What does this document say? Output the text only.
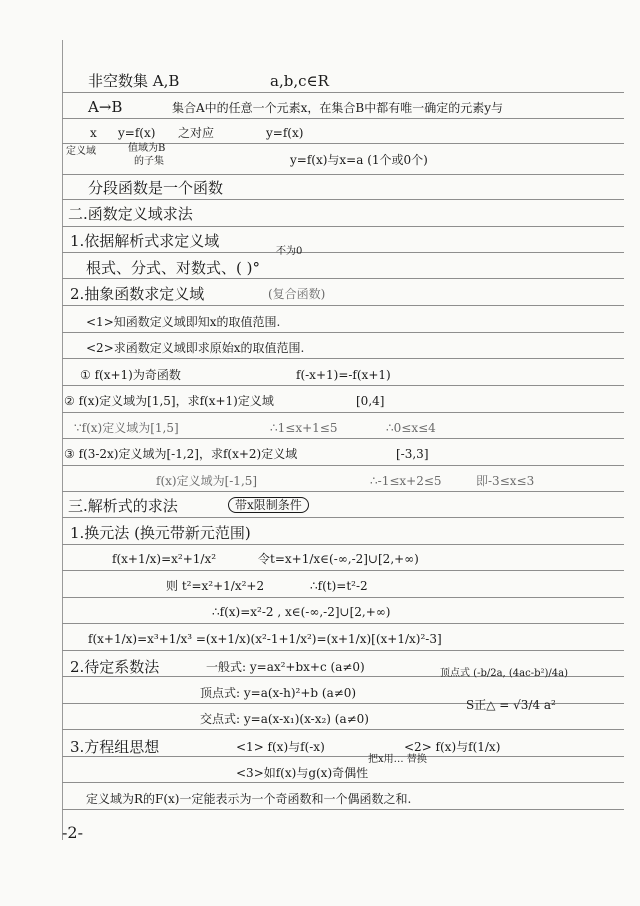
非空数集 A,B	a,b,c∈R
A→B	集合A中的任意一个元素x，在集合B中都有唯一确定的元素y与
x y=f(x) 之对应	y=f(x)
定义域	值域为B
的子集	y=f(x)与x=a (1个或0个)
分段函数是一个函数
二.函数定义域求法
1.依据解析式求定义域
不为0
根式、分式、对数式、( )°
2.抽象函数求定义域	(复合函数)
<1>知函数定义域即知x的取值范围.
<2>求函数定义域即求原始x的取值范围.
① f(x+1)为奇函数	f(-x+1)=-f(x+1)
② f(x)定义域为[1,5]，求f(x+1)定义域	[0,4]
∵f(x)定义域为[1,5]	∴1≤x+1≤5	∴0≤x≤4
③ f(3-2x)定义域为[-1,2]，求f(x+2)定义域	[-3,3]
f(x)定义域为[-1,5]	∴-1≤x+2≤5	即-3≤x≤3
三.解析式的求法	带x限制条件
1.换元法 (换元带新元范围)
f(x+1/x)=x²+1/x²	令t=x+1/x∈(-∞,-2]∪[2,+∞)
则 t²=x²+1/x²+2	∴f(t)=t²-2
∴f(x)=x²-2 , x∈(-∞,-2]∪[2,+∞)
f(x+1/x)=x³+1/x³ =(x+1/x)(x²-1+1/x²)=(x+1/x)[(x+1/x)²-3]
2.待定系数法	一般式: y=ax²+bx+c (a≠0)	顶点式 (-b/2a, (4ac-b²)/4a)
顶点式: y=a(x-h)²+b (a≠0)
S正△ = √3/4 a²
交点式: y=a(x-x₁)(x-x₂) (a≠0)
3.方程组思想	<1> f(x)与f(-x)	<2> f(x)与f(1/x)
把x用… 替换
<3>如f(x)与g(x)奇偶性
定义域为R的F(x)一定能表示为一个奇函数和一个偶函数之和.
-2-
